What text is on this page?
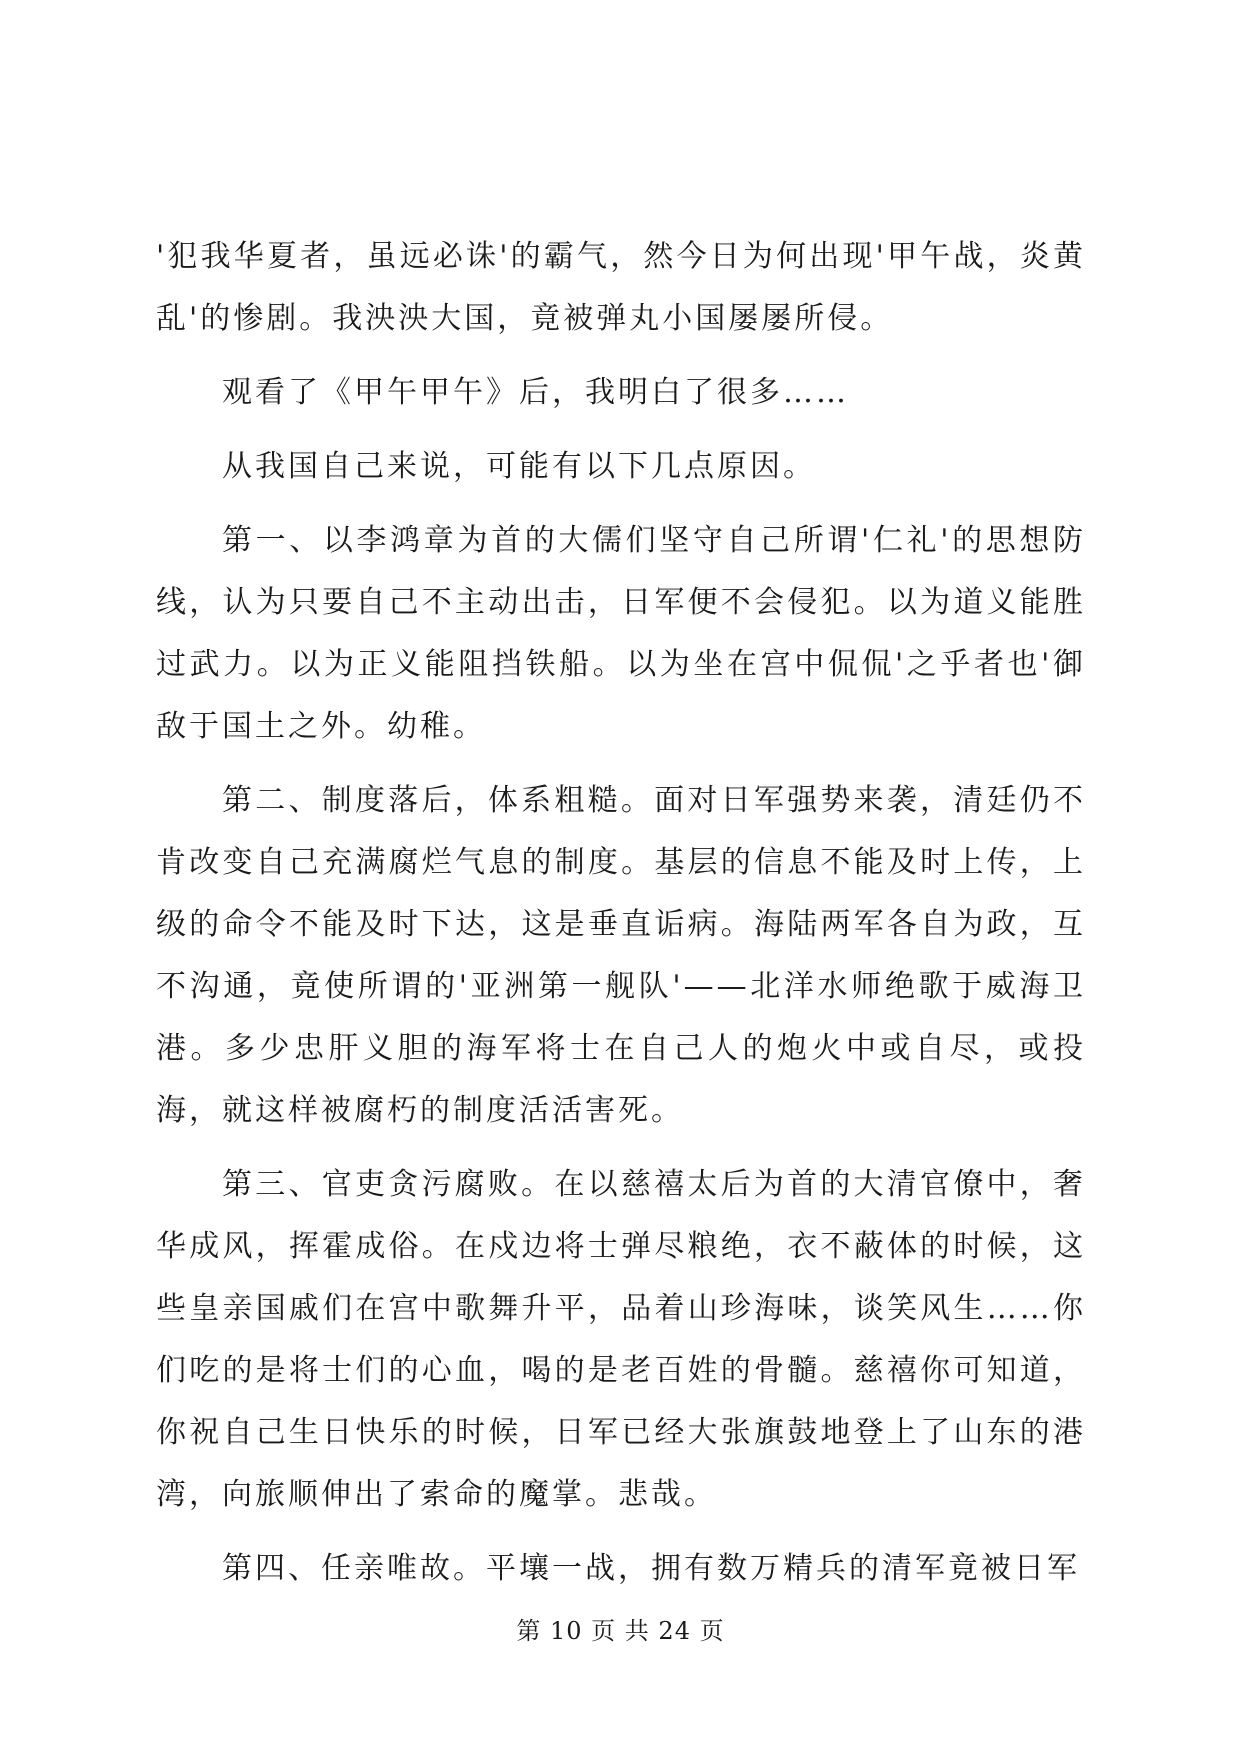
'犯我华夏者，虽远必诛'的霸气，然今日为何出现'甲午战，炎黄乱'的惨剧。我泱泱大国，竟被弹丸小国屡屡所侵。

观看了《甲午甲午》后，我明白了很多……

从我国自己来说，可能有以下几点原因。

第一、以李鸿章为首的大儒们坚守自己所谓'仁礼'的思想防线，认为只要自己不主动出击，日军便不会侵犯。以为道义能胜过武力。以为正义能阻挡铁船。以为坐在宫中侃侃'之乎者也'御敌于国土之外。幼稚。

第二、制度落后，体系粗糙。面对日军强势来袭，清廷仍不肯改变自己充满腐烂气息的制度。基层的信息不能及时上传，上级的命令不能及时下达，这是垂直诟病。海陆两军各自为政，互不沟通，竟使所谓的'亚洲第一舰队'——北洋水师绝歌于威海卫港。多少忠肝义胆的海军将士在自己人的炮火中或自尽，或投海，就这样被腐朽的制度活活害死。

第三、官吏贪污腐败。在以慈禧太后为首的大清官僚中，奢华成风，挥霍成俗。在戍边将士弹尽粮绝，衣不蔽体的时候，这些皇亲国戚们在宫中歌舞升平，品着山珍海味，谈笑风生……你们吃的是将士们的心血，喝的是老百姓的骨髓。慈禧你可知道，你祝自己生日快乐的时候，日军已经大张旗鼓地登上了山东的港湾，向旅顺伸出了索命的魔掌。悲哉。

第四、任亲唯故。平壤一战，拥有数万精兵的清军竟被日军

第 10 页 共 24 页
